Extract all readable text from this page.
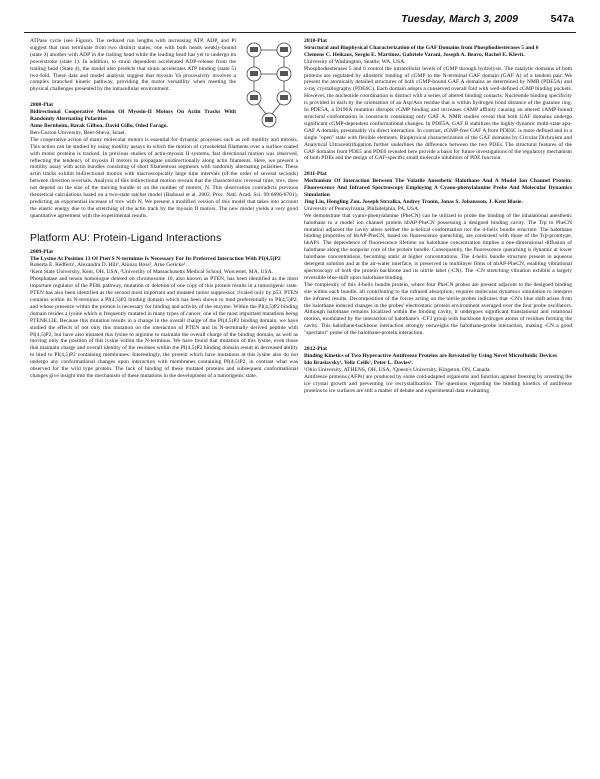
Tuesday, March 3, 2009	547a

ATPase cycle (see Figure). The reduced run lengths with increasing ATP, ADP, and Pi suggest that runs terminate from two distinct states; one with both heads weakly-bound (state 3) another with ADP in the trailing head while the leading head has yet to undergo its powerstroke (state 1). In addition, to strain dependent accelerated ADP-release from the trailing head (State 4), the model also predicts that strain accelerates ATP binding (state 5) two-fold. These data and model analysis suggest that myosin Va processivity involves a complex branched kinetic pathway, providing the motor versatility when meeting the physical challenges presented by the intracellular environment.

2808-Plat

Bidirectional Cooperative Motion Of Myosin-II Motors On Actin Tracks With Randomly Alternating Polarities

Anne Bernheim, Barak Gilboa, David Gillo, Oded Farago.

Ben-Gurion University, Beer-Sheva, Israel.

The cooperative action of many molecular motors is essential for dynamic processes such as cell motility and mitosis. This action can be studied by using motility assays in which the motion of cytoskeletal filaments over a surface coated with motor proteins is tracked. In previous studies of actin-myosin II systems, fast directional motion was observed, reflecting the tendency of myosin II motors to propagate unidirectionally along actin filaments. Here, we present a motility assay with actin bundles consisting of short filamentous segments with randomly alternating polarities. These actin tracks exhibit bidirectional motion with macroscopically large time intervals (of the order of several seconds) between direction reversals. Analysis of this bidirectional motion reveals that the characteristic reversal time, τrev, does not depend on the size of the moving bundle or on the number of motors, N. This observation contradicts previous theoretical calculations based on a two-state ratchet model (Badoual et al. 2002. Proc. Natl. Acad. Sci. 99:6696-6701), predicting an exponential increase of τrev with N. We present a modified version of this model that takes into account the elastic energy due to the stretching of the actin track by the myosin II motors. The new model yields a very good quantitative agreement with the experimental results.

Platform AU: Protein-Ligand Interactions
2809-Plat

The Lysine At Position 13 Of Pten'S N-terminus Is Necessary For Its Preferred Interaction With PI(4,5)P2

Roberta E. Redfern¹, Alexandra D. Hill², Alonzo Ross², Arne Gericke¹.

¹Kent State University, Kent, OH, USA, ²University of Massachusetts Medical School, Worcester, MA, USA.

Phosphatase and tensin homologue deleted on chromosome 10, also known as PTEN, has been identified as the most important regulator of the PI3K pathway, mutation or deletion of one copy of this protein results in a tumorigenic state. PTEN has also been identified as the second most important and mutated tumor suppressor, rivaled only by p53. PTEN contains within its N-terminus a PI(4,5)P2 binding domain which has been shown to bind preferentially to PI(4,5)P2, and whose presence within the protein is necessary for binding and activity of the enzyme. Within the PI(4,5)P2 binding domain resides a lysine which is frequently mutated in many types of cancer, one of the most important mutations being PTENK13E. Because this mutation results in a change in the overall charge of the PI(4,5)P2 binding domain, we have studied the effects of not only this mutation on the interaction of PTEN and its N-terminally derived peptide with PI(4,5)P2, but have also mutated this lysine to arginine to maintain the overall charge of the binding domain, as well as moving only the position of this lysine within the N-terminus. We have found that mutation of this lysine, even those that maintain charge and overall identity of the residues within the PI(4,5)P2 binding domain result in decreased ability to bind to PI(4,5)P2 containing membranes. Interestingly, the protein which have mutations at this lysine also do not undergo any conformational changes upon interaction with membranes containing PI(4,5)P2, in contrast what was observed for the wild type protein. The lack of binding of these mutated proteins and subsequent conformational changes give insight into the mechanism of these mutations in the development of a tumorigenic state.

2810-Plat

Structural and Biophysical Characterization of the GAF Domains from Phosphodiesterases 5 and 6

Clemens C. Heikaus, Sergio E. Martinez, Gabriele Varani, Joseph A. Beavo, Rachel E. Klevit.

University of Washington, Seattle, WA, USA.

Phosphodiesterases 5 and 6 control the intracellular levels of cGMP through hydrolysis. The catalytic domains of both proteins are regulated by allosteric binding of cGMP to the N-terminal GAF domain (GAF A) of a tandem pair. We present the atomically detailed structures of both cGMP-bound GAF A domains as determined by NMR (PDE5A) and x-ray crystallography (PDE6C). Each domain adopts a conserved overall fold with well-defined cGMP binding pockets. However, the nucleotide coordination is distinct with a series of altered binding contacts. Nucleotide binding specificity is provided in each by the orientation of an Asp/Asn residue that is within hydrogen bond distance of the guanine ring. In PDE5A, a D196A mutation disrupts cGMP binding and increases cAMP affinity causing an altered cAMP-bound structural conformation in constructs containing only GAF A. NMR studies reveal that both GAF domains undergo significant cGMP-dependent conformational changes. In PDE5A, GAF B stabilizes the highly dynamic multi-state apo-GAF A domain, presumably via direct interaction. In contrast, cGMP-free GAF A from PDE6C is more defined and in a single "open" state with flexible elements. Biophysical characterization of the GAF domains by Circular Dichroism and Analytical Ultracentrifugation further underlines the difference between the two PDEs. The structural features of the GAF domains from PDE5 and PDE6 revealed here provide a basis for future investigations of the regulatory mechanism of both PDEs and the design of GAF-specific small molecule inhibitors of PDE function.

2811-Plat

Mechanism Of Interaction Between The Volatile Anesthetic Halothane And A Model Ion Channel Protein: Fluorescence And Infrared Spectroscopy Employing A Cyano-phenylalanine Probe And Molecular Dynamics Simulation

Jing Liu, Hongling Zou, Joseph Strzalka, Andrey Tronin, Jonas S. Johansson, J. Kent Blasie.

University of Pennsylvania, Philadelphia, PA, USA.

We demonstrate that cyano-phenylalanine (PheCN) can be utilized to probe the binding of the inhalational anesthetic halothane to a model ion channel protein hbAP-PheCN possessing a designed binding cavity. The Trp to PheCN mutation adjacent the cavity alters neither the α-helical conformation nor the 4-helix bundle structure. The halothane binding properties of hbAP-PheCN, based on fluorescence quenching, are consistent with those of the Trp-prototype, hbAP1. The dependence of fluorescence lifetime on halothane concentration implies a one-dimensional diffusion of halothane along the nonpolar core of the protein bundle. Consequently, the fluorescence quenching is dynamic at lower halothane concentrations, becoming static at higher concentrations. The 4-helix bundle structure present in aqueous detergent solution and at the air-water interface, is preserved in multilayer films of hbAP-PheCN, enabling vibrational spectroscopy of both the protein backbone and its nitrile label (-CN). The -CN stretching vibration exhibits a largely reversible blue-shift upon halothane binding.

The complexity of this 4-helix bundle protein, where four PheCN probes are present adjacent to the designed binding site within each bundle, all contributing to the infrared absorption, requires molecular dynamics simulation to interpret the infrared results. Decomposition of the forces acting on the nitrile probes indicates that -CN's blue shift arises from the halothane induced changes in the probes' electrostatic protein environment averaged over the four probe oscillators. Although halothane remains localized within the binding cavity, it undergoes significant translational and rotational motion, modulated by the interaction of halothane's -CF3 group with backbone hydrogen atoms of residues forming the cavity. This halothane-backbone interaction strongly outweighs the halothane-probe interaction, making -CN a good "spectator" probe of the halothane-protein interaction.

2812-Plat

Binding Kinetics of Two Hyperactive Antifreeze Proteins are Revealed by Using Novel Microfluidic Devices

Ido Braslavsky¹, Yeliz Celik¹, Peter L. Davies².

¹Ohio University, ATHENS, OH, USA, ²Queen's University, Kingston, ON, Canada.

Antifreeze proteins (AFPs) are produced by some cold-adapted organisms and function against freezing by arresting the ice crystal growth and preventing ice recrystallization. The questions regarding the binding kinetics of antifreeze proteins to ice surfaces are still a matter of debate and experimental data evaluating
